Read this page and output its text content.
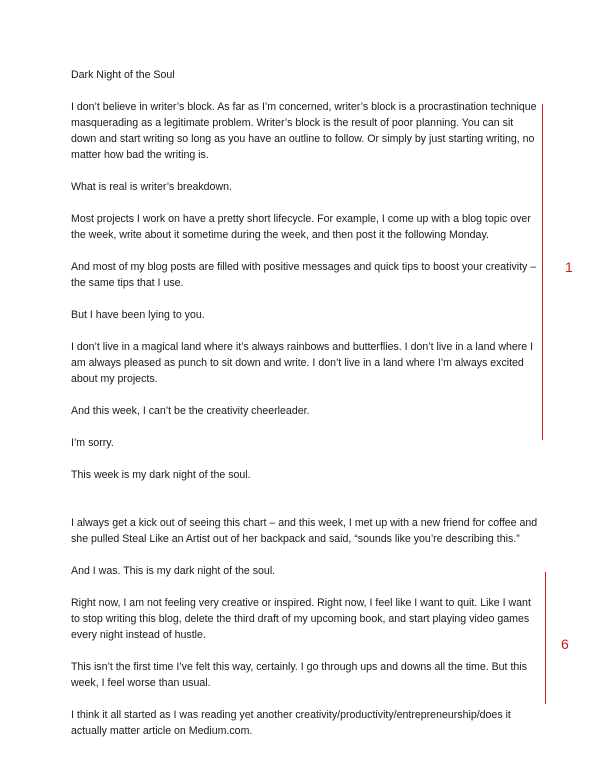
Dark Night of the Soul

I don’t believe in writer’s block. As far as I’m concerned, writer’s block is a procrastination technique masquerading as a legitimate problem. Writer’s block is the result of poor planning. You can sit down and start writing so long as you have an outline to follow. Or simply by just starting writing, no matter how bad the writing is.

What is real is writer’s breakdown.

Most projects I work on have a pretty short lifecycle. For example, I come up with a blog topic over the week, write about it sometime during the week, and then post it the following Monday.

And most of my blog posts are filled with positive messages and quick tips to boost your creativity – the same tips that I use.

But I have been lying to you.

I don’t live in a magical land where it’s always rainbows and butterflies. I don’t live in a land where I am always pleased as punch to sit down and write. I don’t live in a land where I’m always excited about my projects.

And this week, I can’t be the creativity cheerleader.

I’m sorry.

This week is my dark night of the soul.

I always get a kick out of seeing this chart – and this week, I met up with a new friend for coffee and she pulled Steal Like an Artist out of her backpack and said, “sounds like you’re describing this.”

And I was. This is my dark night of the soul.

Right now, I am not feeling very creative or inspired. Right now, I feel like I want to quit. Like I want to stop writing this blog, delete the third draft of my upcoming book, and start playing video games every night instead of hustle.

This isn’t the first time I’ve felt this way, certainly. I go through ups and downs all the time. But this week, I feel worse than usual.

I think it all started as I was reading yet another creativity/productivity/entrepreneurship/does it actually matter article on Medium.com.

1
6
